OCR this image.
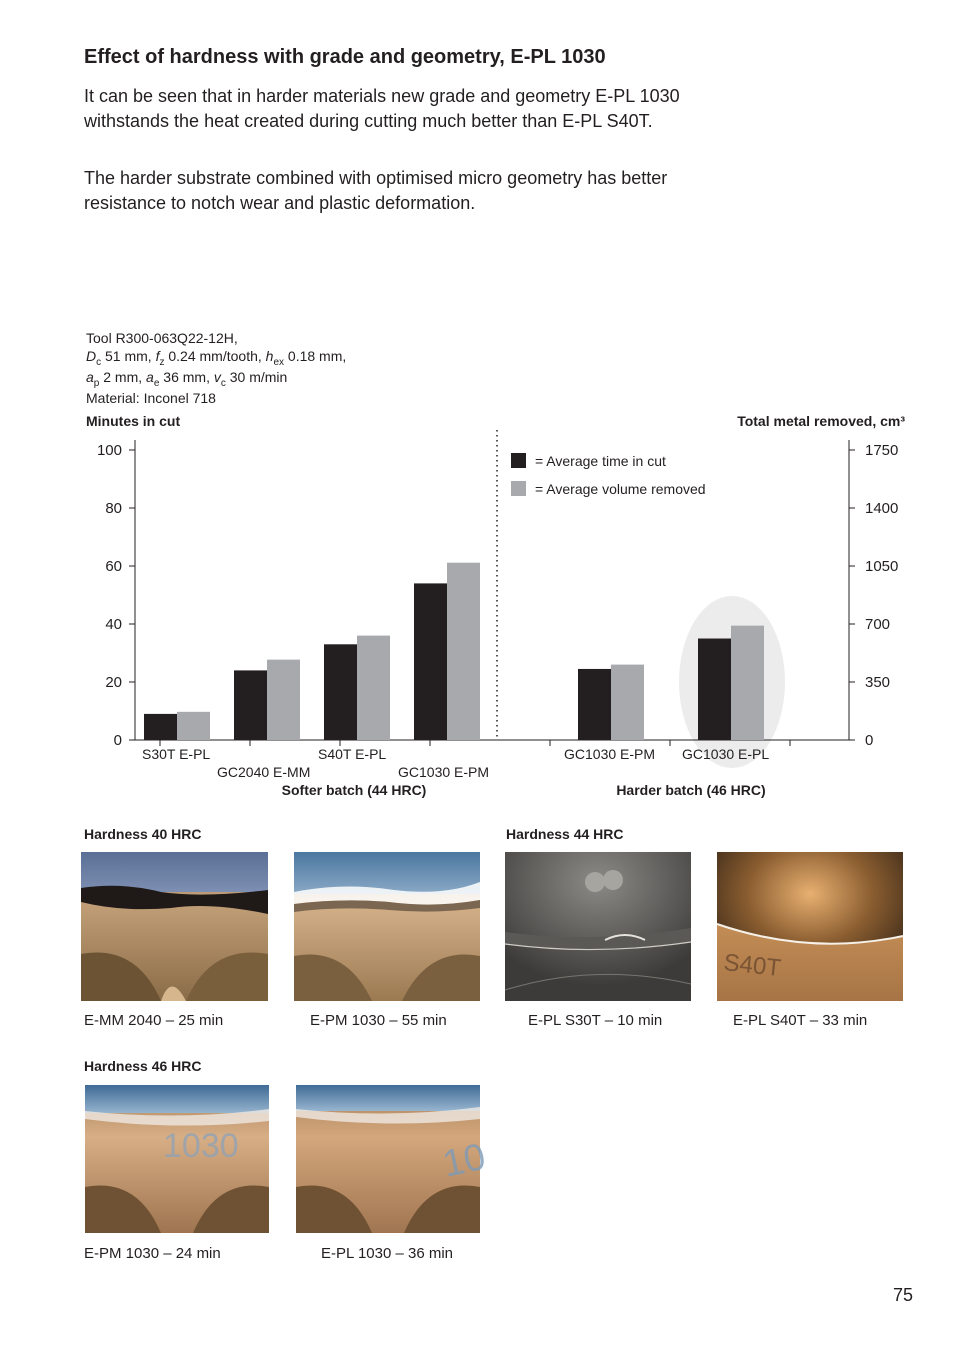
Effect of hardness with grade and geometry, E-PL 1030
It can be seen that in harder materials new grade and geometry E-PL 1030 withstands the heat created during cutting much better than E-PL S40T.
The harder substrate combined with optimised micro geometry has better resistance to notch wear and plastic deformation.
Tool R300-063Q22-12H,
$D_c$ 51 mm, $f_z$ 0.24 mm/tooth, $h_{ex}$ 0.18 mm,
$a_p$ 2 mm, $a_e$ 36 mm, $v_c$ 30 m/min
Material: Inconel 718
Minutes in cut	Total metal removed, cm³
0
20
40
60
80
100
0
350
700
1050
1400
1750
= Average time in cut
= Average volume removed
S30T E-PL
GC2040 E-MM
S40T E-PL
GC1030 E-PM
GC1030 E-PM GC1030 E-PL
Softer batch (44 HRC)	Harder batch (46 HRC)
Hardness 40 HRC	Hardness 44 HRC
Hardness 46 HRC
S40T
E-MM 2040 – 25 min	E-PM 1030 – 55 min	E-PL S30T – 10 min	E-PL S40T – 33 min
1030	10
E-PM 1030 – 24 min	E-PL 1030 – 36 min
75
